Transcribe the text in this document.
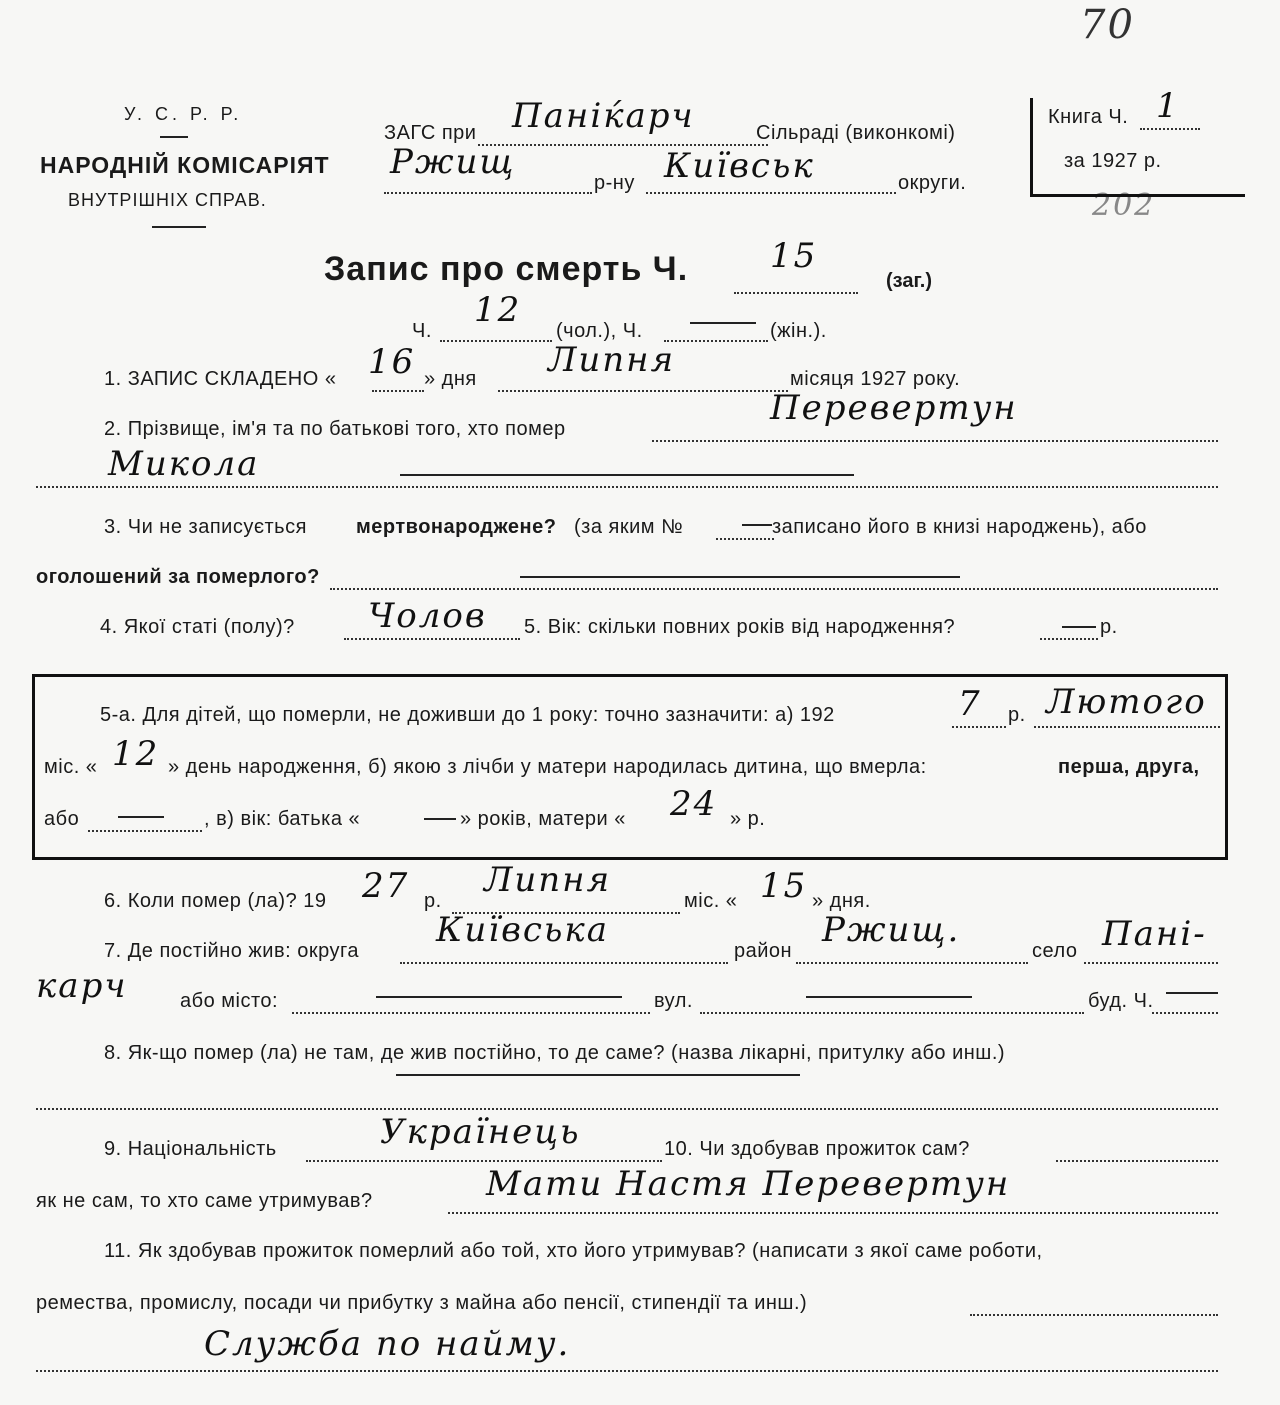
70
202
У. С. Р. Р.
НАРОДНІЙ КОМІСАРІЯТ
ВНУТРІШНІХ СПРАВ.
ЗАГС при Паніќарч	Сільраді (виконкомі)
Ржищ
р-ну Київськ	округи.
Книга Ч. 1
за 1927 р.
Запис про смерть Ч. 15
(заг.)
Ч.
12
(чол.), Ч.	(жін.).
1. ЗАПИС СКЛАДЕНО « 16 » дня Липня	місяця 1927 року.
2. Прізвище, ім'я та по батькові того, хто помер
Перевертун
Микола
3. Чи не записується мертвонароджене? (за яким №	записано його в книзі народжень), або
оголошений за померлого?
4. Якої статі (полу)? Чолов 5. Вік: скільки повних років від народження?	р.
5-а. Для дітей, що померли, не доживши до 1 року: точно зазначити: а) 192	7 р. Лютого
міс. « 12 » день народження, б) якою з лічби у матери народилась дитина, що вмерла:	перша, друга,
або	, в) вік: батька «	» років, матери « 24 » р.
6. Коли помер (ла)? 19 27 р.
Липня
міс. « 15 » дня.
7. Де постійно жив: округа
Київська
район
Ржищ.
село Пані-
карч	або місто:	вул.	буд. Ч.
8. Як-що помер (ла) не там, де жив постійно, то де саме? (назва лікарні, притулку або инш.)
9. Національність	Українець	10. Чи здобував прожиток сам?
як не сам, то хто саме утримував?	Мати Настя Перевертун
11. Як здобував прожиток померлий або той, хто його утримував? (написати з якої саме роботи,
ремества, промислу, посади чи прибутку з майна або пенсії, стипендії та инш.)
Служба по найму.
